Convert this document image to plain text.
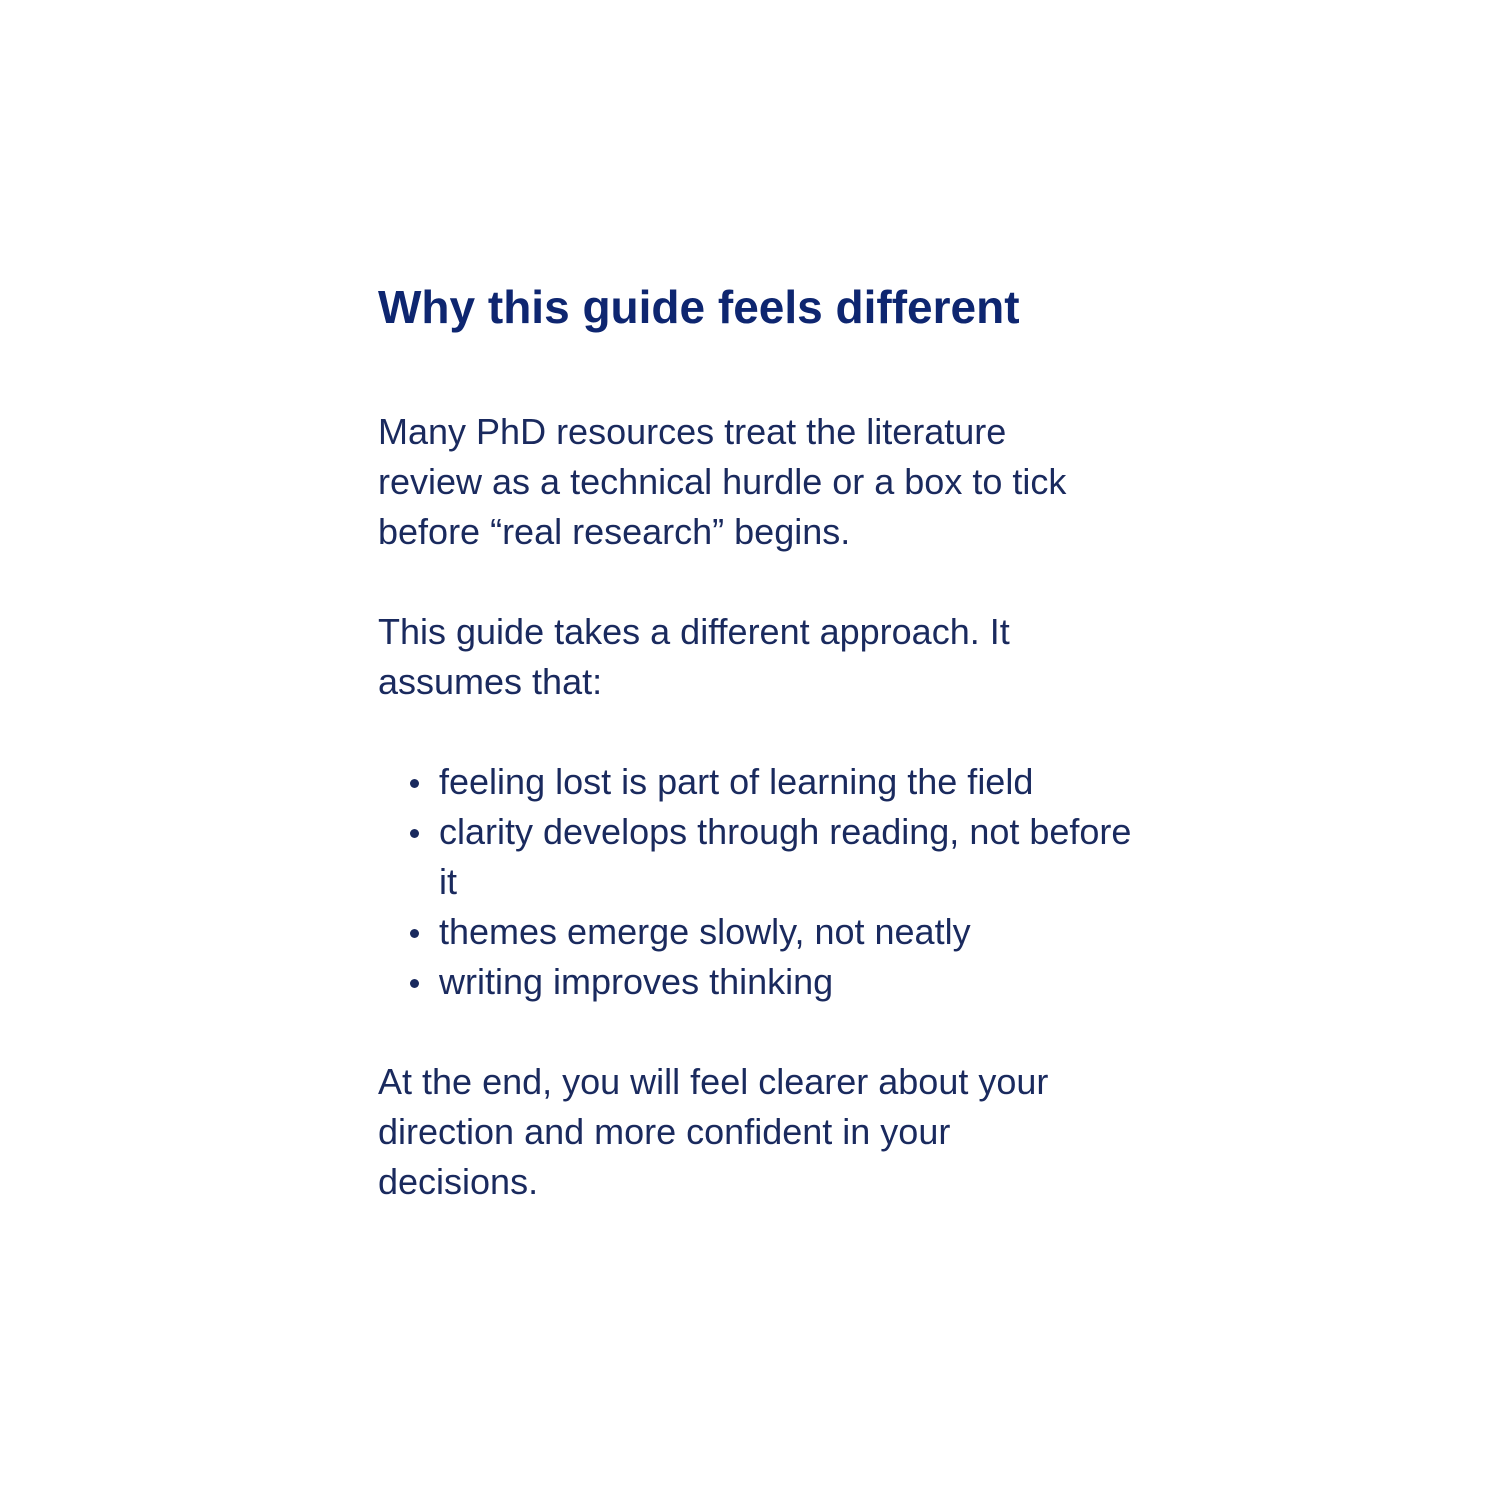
Why this guide feels different

Many PhD resources treat the literature review as a technical hurdle or a box to tick before “real research” begins.

This guide takes a different approach. It assumes that:

feeling lost is part of learning the field
clarity develops through reading, not before it
themes emerge slowly, not neatly
writing improves thinking

At the end, you will feel clearer about your direction and more confident in your decisions.
